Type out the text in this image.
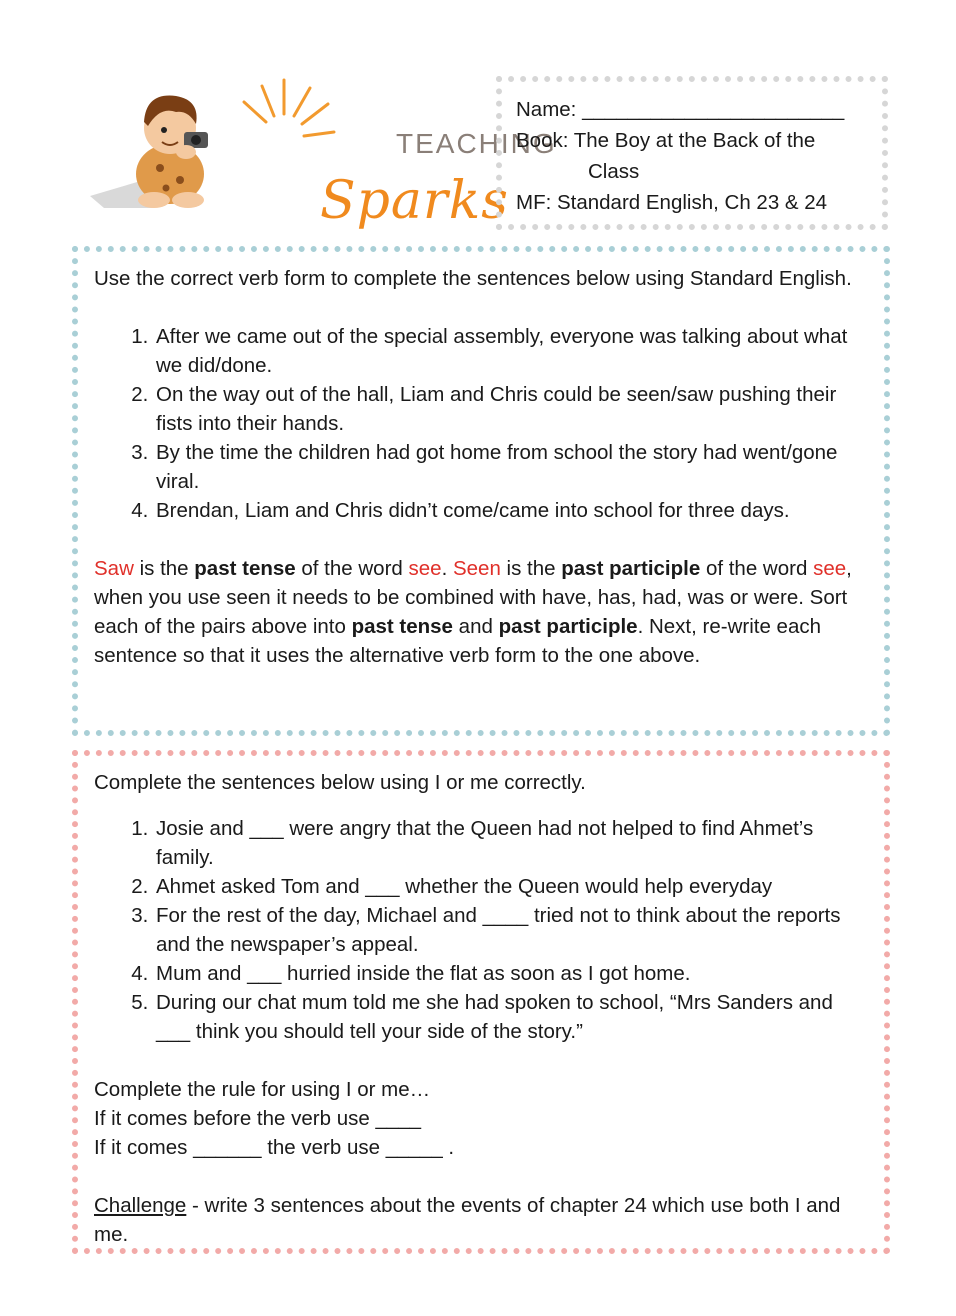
TEACHING
Sparks
Name: _______________________
Book: The Boy at the Back of the
Class
MF: Standard English, Ch 23 & 24

Use the correct verb form to complete the sentences below using Standard English.

1. After we came out of the special assembly, everyone was talking about what we did/done.
2. On the way out of the hall, Liam and Chris could be seen/saw pushing their fists into their hands.
3. By the time the children had got home from school the story had went/gone viral.
4. Brendan, Liam and Chris didn’t come/came into school for three days.

Saw is the past tense of the word see. Seen is the past participle of the word see, when you use seen it needs to be combined with have, has, had, was or were. Sort each of the pairs above into past tense and past participle. Next, re-write each sentence so that it uses the alternative verb form to the one above.

Complete the sentences below using I or me correctly.

1. Josie and ___ were angry that the Queen had not helped to find Ahmet’s family.
2. Ahmet asked Tom and ___ whether the Queen would help everyday
3. For the rest of the day, Michael and ____ tried not to think about the reports and the newspaper’s appeal.
4. Mum and ___ hurried inside the flat as soon as I got home.
5. During our chat mum told me she had spoken to school, “Mrs Sanders and ___ think you should tell your side of the story.”

Complete the rule for using I or me…

If it comes before the verb use ____

If it comes ______ the verb use _____ .

Challenge - write 3 sentences about the events of chapter 24 which use both I and me.
